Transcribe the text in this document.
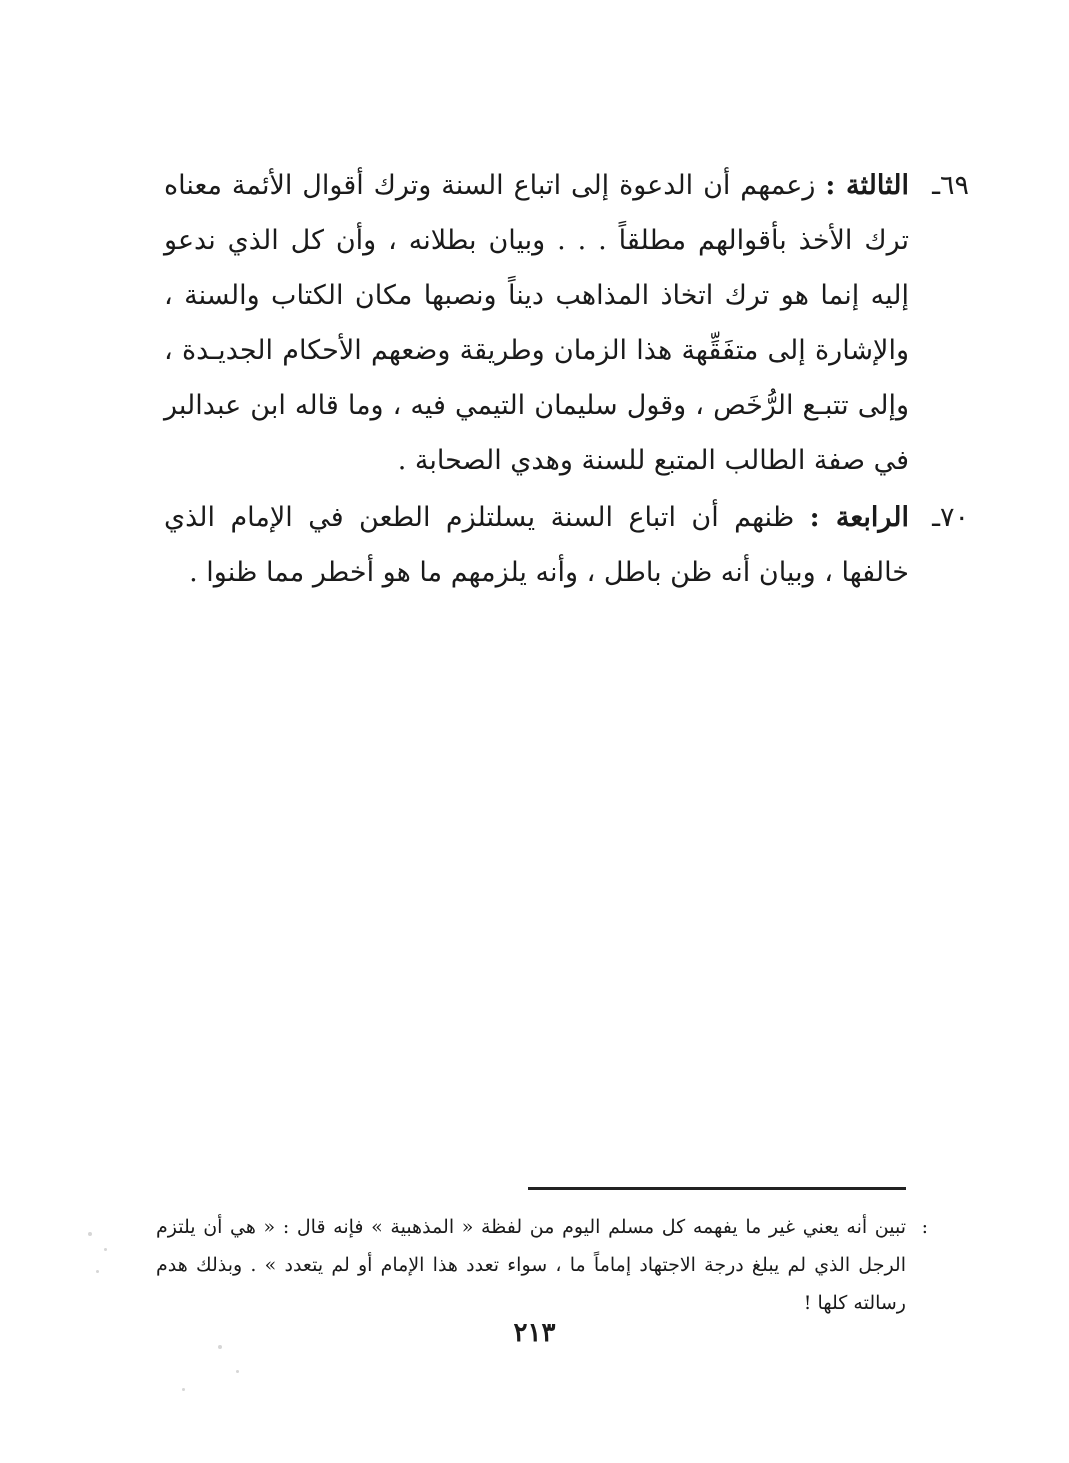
٦٩ـ
الثالثة : زعمهم أن الدعوة إلى اتباع السنة وترك أقوال الأئمة معناه ترك الأخذ بأقوالهم مطلقاً . . . وبيان بطلانه ، وأن كل الذي ندعو إليه إنما هو ترك اتخاذ المذاهب ديناً ونصبها مكان الكتاب والسنة ، والإشارة إلى متفَقِّهة هذا الزمان وطريقة وضعهم الأحكام الجديـدة ، وإلى تتبـع الرُّخَص ، وقول سليمان التيمي فيه ، وما قاله ابن عبدالبر في صفة الطالب المتبع للسنة وهدي الصحابة .
٧٠ـ
الرابعة : ظنهم أن اتباع السنة يسلتلزم الطعن في الإمام الذي خالفها ، وبيان أنه ظن باطل ، وأنه يلزمهم ما هو أخطر مما ظنوا .
:
تبين أنه يعني غير ما يفهمه كل مسلم اليوم من لفظة « المذهبية » فإنه قال : « هي أن يلتزم الرجل الذي لم يبلغ درجة الاجتهاد إماماً ما ، سواء تعدد هذا الإمام أو لم يتعدد » . وبذلك هدم رسالته كلها !
٢١٣
